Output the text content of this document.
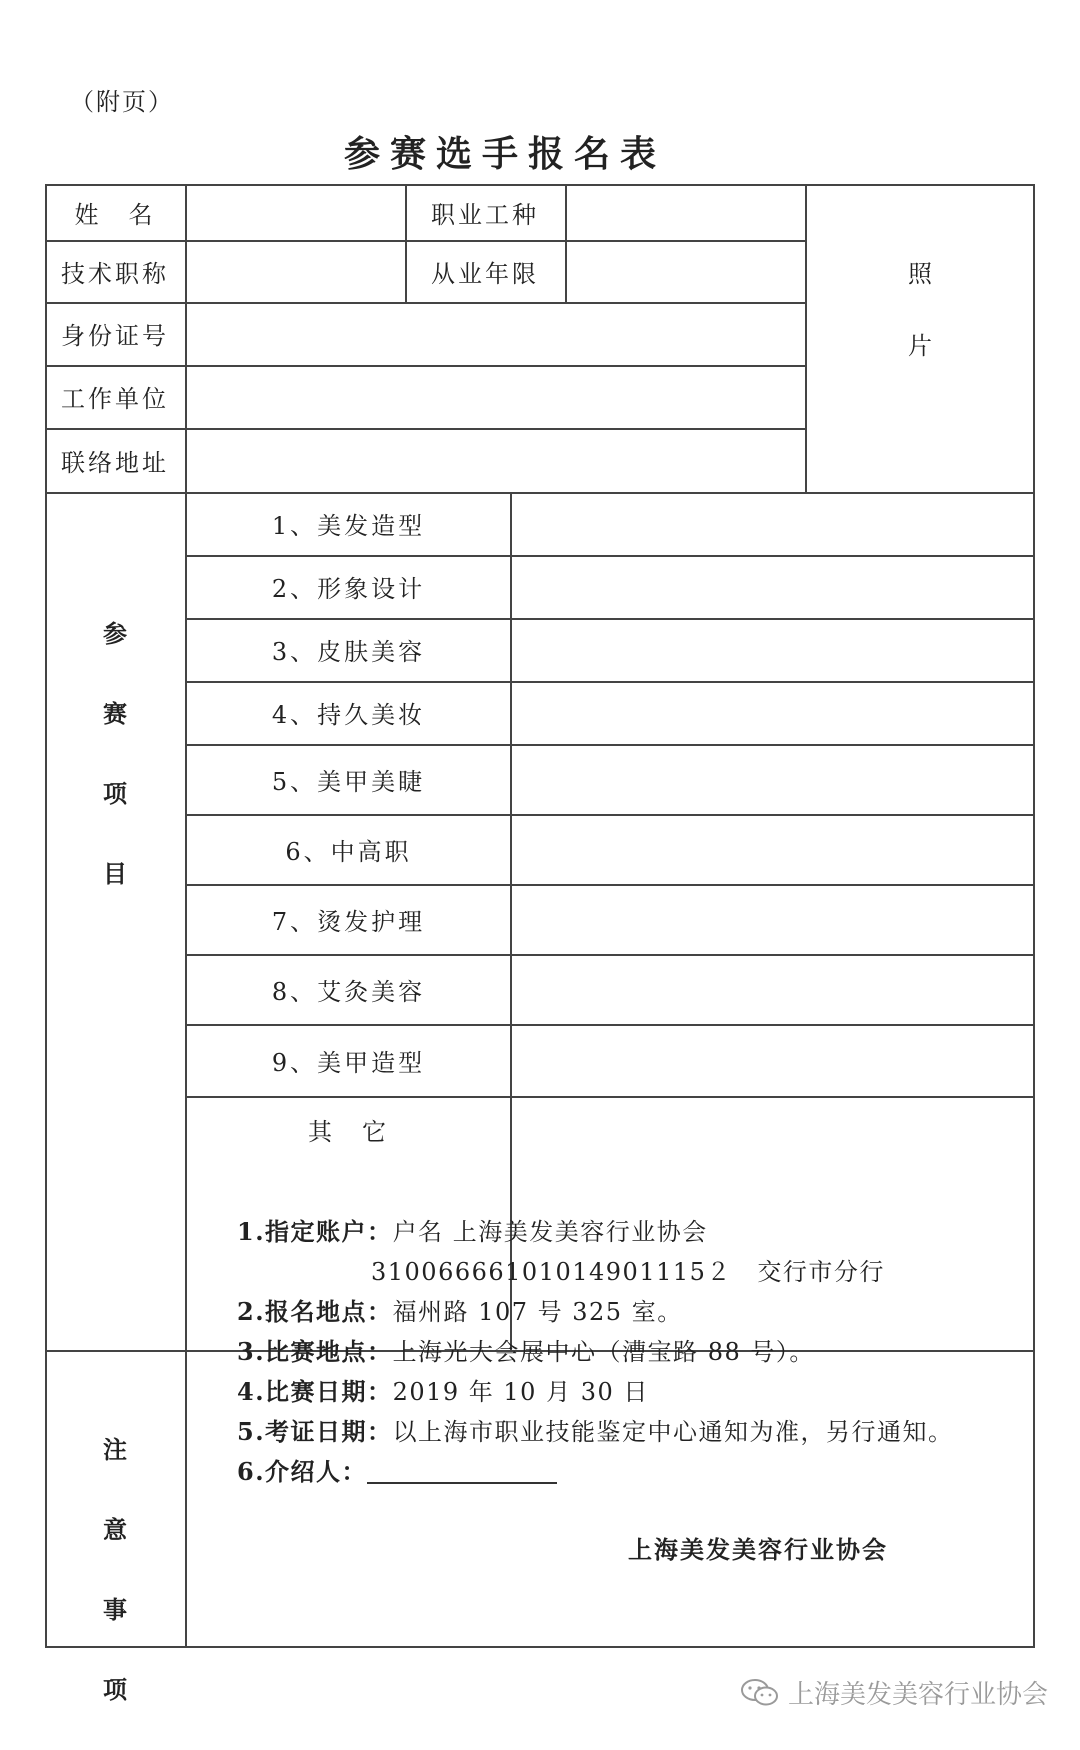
（附页）
参赛选手报名表
姓　名	职业工种
技术职称	从业年限
身份证号
工作单位
联络地址
照
片
参
赛
项
目
1、美发造型
2、形象设计
3、皮肤美容
4、持久美妆
5、美甲美睫
6、中高职
7、烫发护理
8、艾灸美容
9、美甲造型
其　它
注
意
事
项
1.指定账户：户名 上海美发美容行业协会
31006666101014901115２　交行市分行
2.报名地点：福州路 107 号 325 室。
3.比赛地点：上海光大会展中心（漕宝路 88 号）。
4.比赛日期：2019 年 10 月 30 日
5.考证日期：以上海市职业技能鉴定中心通知为准，另行通知。
6.介绍人：
上海美发美容行业协会
上海美发美容行业协会
